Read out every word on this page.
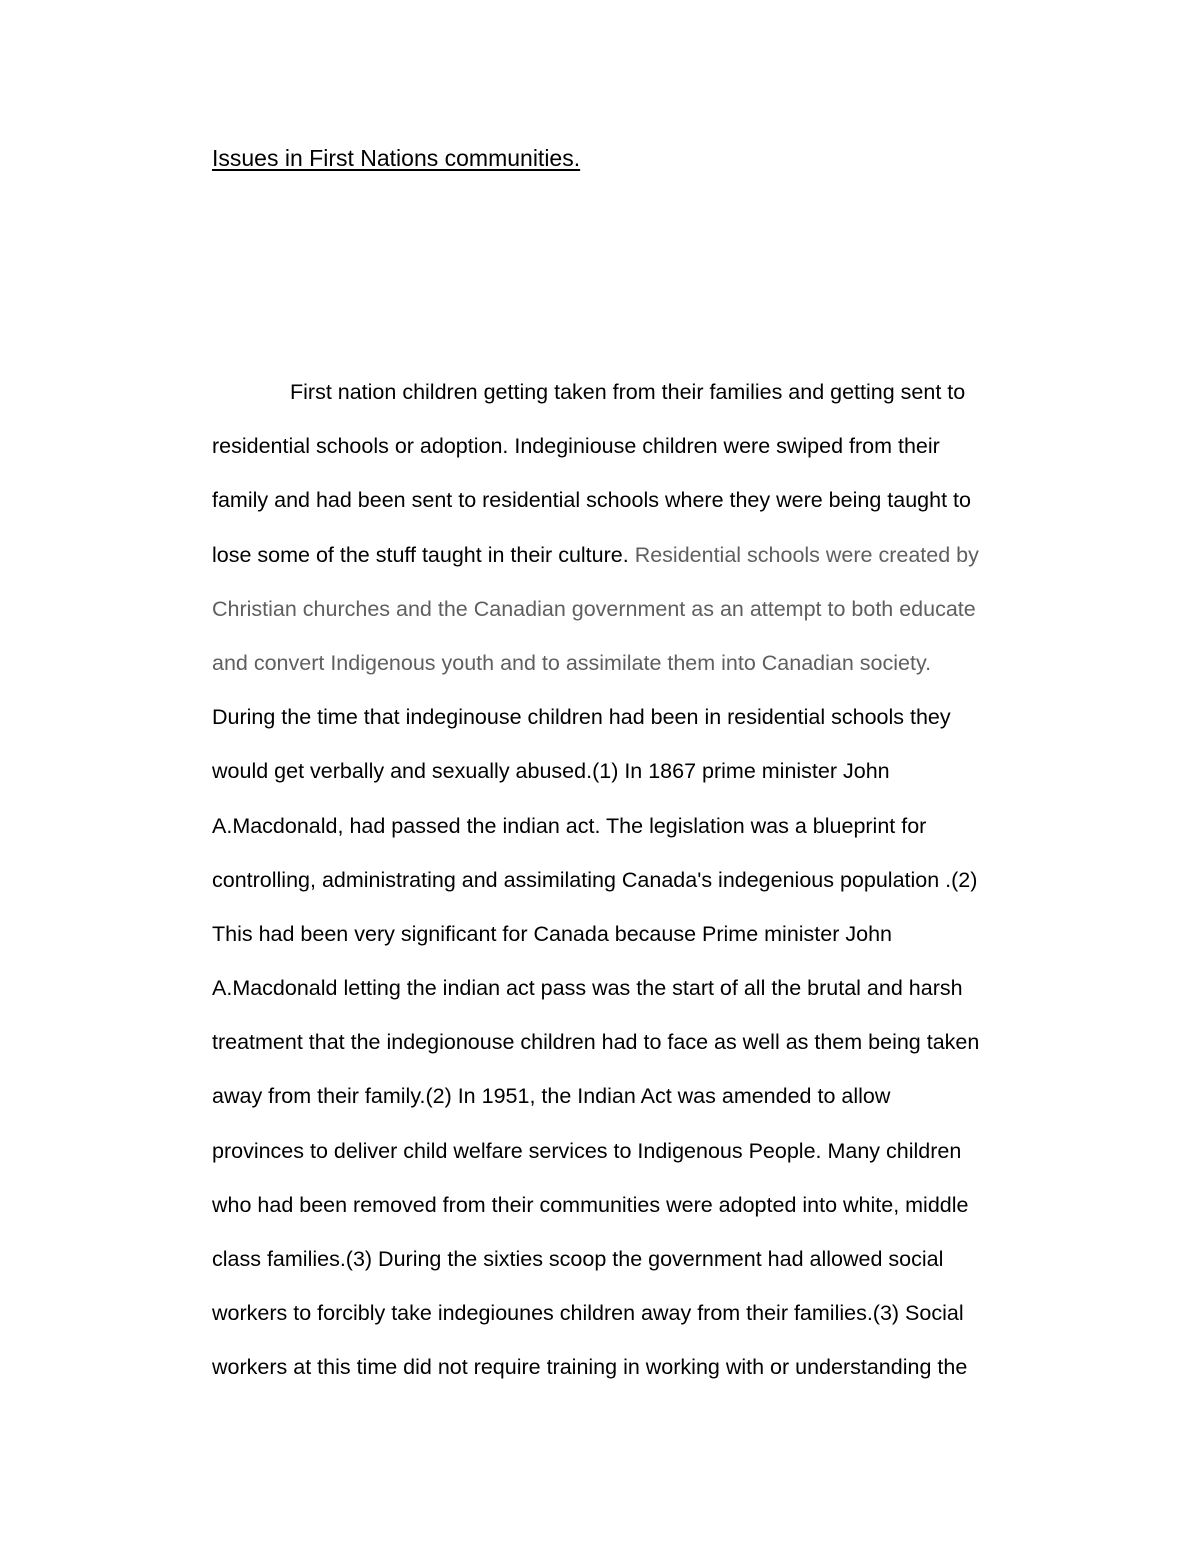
Issues in First Nations communities.
First nation children getting taken from their families and getting sent to
residential schools or adoption. Indeginiouse children were swiped from their
family and had been sent to residential schools where they were being taught to
lose some of the stuff taught in their culture. Residential schools were created by
Christian churches and the Canadian government as an attempt to both educate
and convert Indigenous youth and to assimilate them into Canadian society.
During the time that indeginouse children had been in residential schools they
would get verbally and sexually abused.(1) In 1867 prime minister John
A.Macdonald, had passed the indian act. The legislation was a blueprint for
controlling, administrating and assimilating Canada's indegenious population .(2)
This had been very significant for Canada because Prime minister John
A.Macdonald letting the indian act pass was the start of all the brutal and harsh
treatment that the indegionouse children had to face as well as them being taken
away from their family.(2) In 1951, the Indian Act was amended to allow
provinces to deliver child welfare services to Indigenous People. Many children
who had been removed from their communities were adopted into white, middle
class families.(3) During the sixties scoop the government had allowed social
workers to forcibly take indegiounes children away from their families.(3) Social
workers at this time did not require training in working with or understanding the
